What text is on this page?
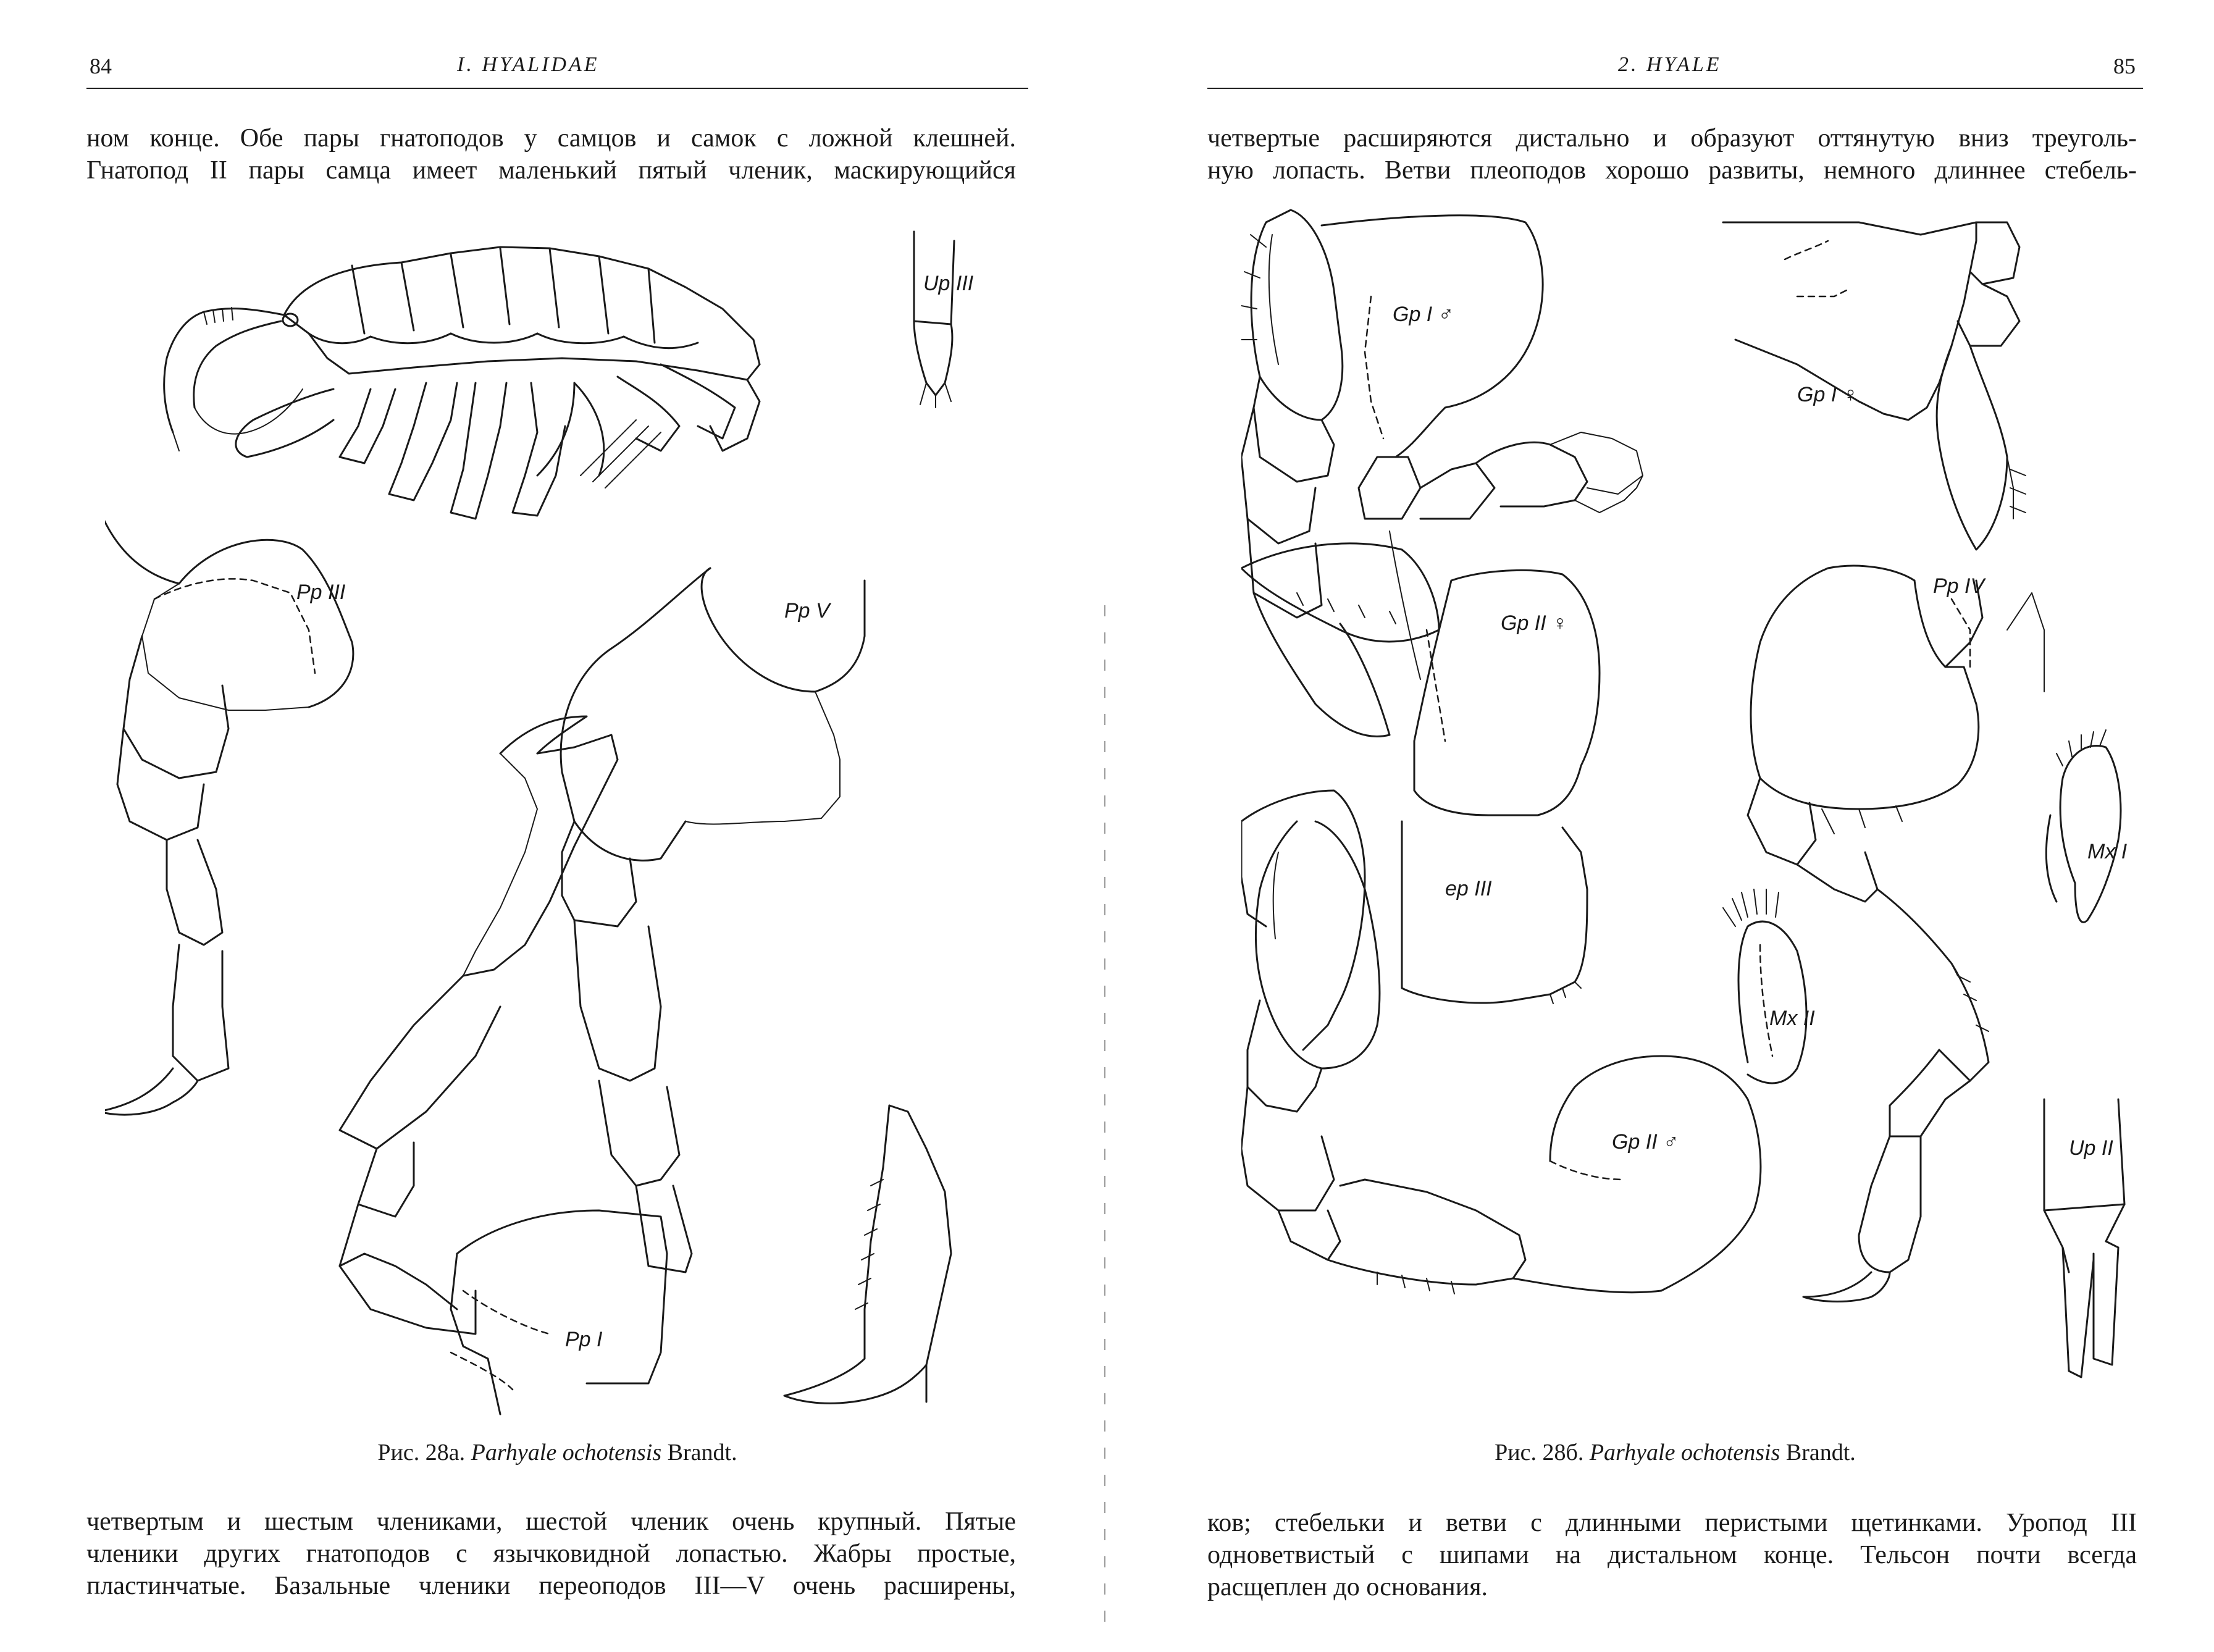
84	I. HYALIDAE
ном конце. Обе пары гнатоподов у самцов и самок с ложной клешней.
Гнатопод II пары самца имеет маленький пятый членик, маскирующийся
Up III
Pp III
Pp V
Pp I
Рис. 28а. Parhyale ochotensis Brandt.
четвертым и шестым члениками, шестой членик очень крупный. Пятые
членики других гнатоподов с язычковидной лопастью. Жабры простые,
пластинчатые. Базальные членики переоподов III—V очень расширены,
2. HYALE	85
четвертые расширяются дистально и образуют оттянутую вниз треуголь-
ную лопасть. Ветви плеоподов хорошо развиты, немного длиннее стебель-
Gp I ♂
Gp I ♀
Pp IV
Gp II ♀
ep III
Gp II ♂
Mx II
Mx I
Up II
Рис. 28б. Parhyale ochotensis Brandt.
ков; стебельки и ветви с длинными перистыми щетинками. Уропод III
одноветвистый с шипами на дистальном конце. Тельсон почти всегда
расщеплен до основания.
